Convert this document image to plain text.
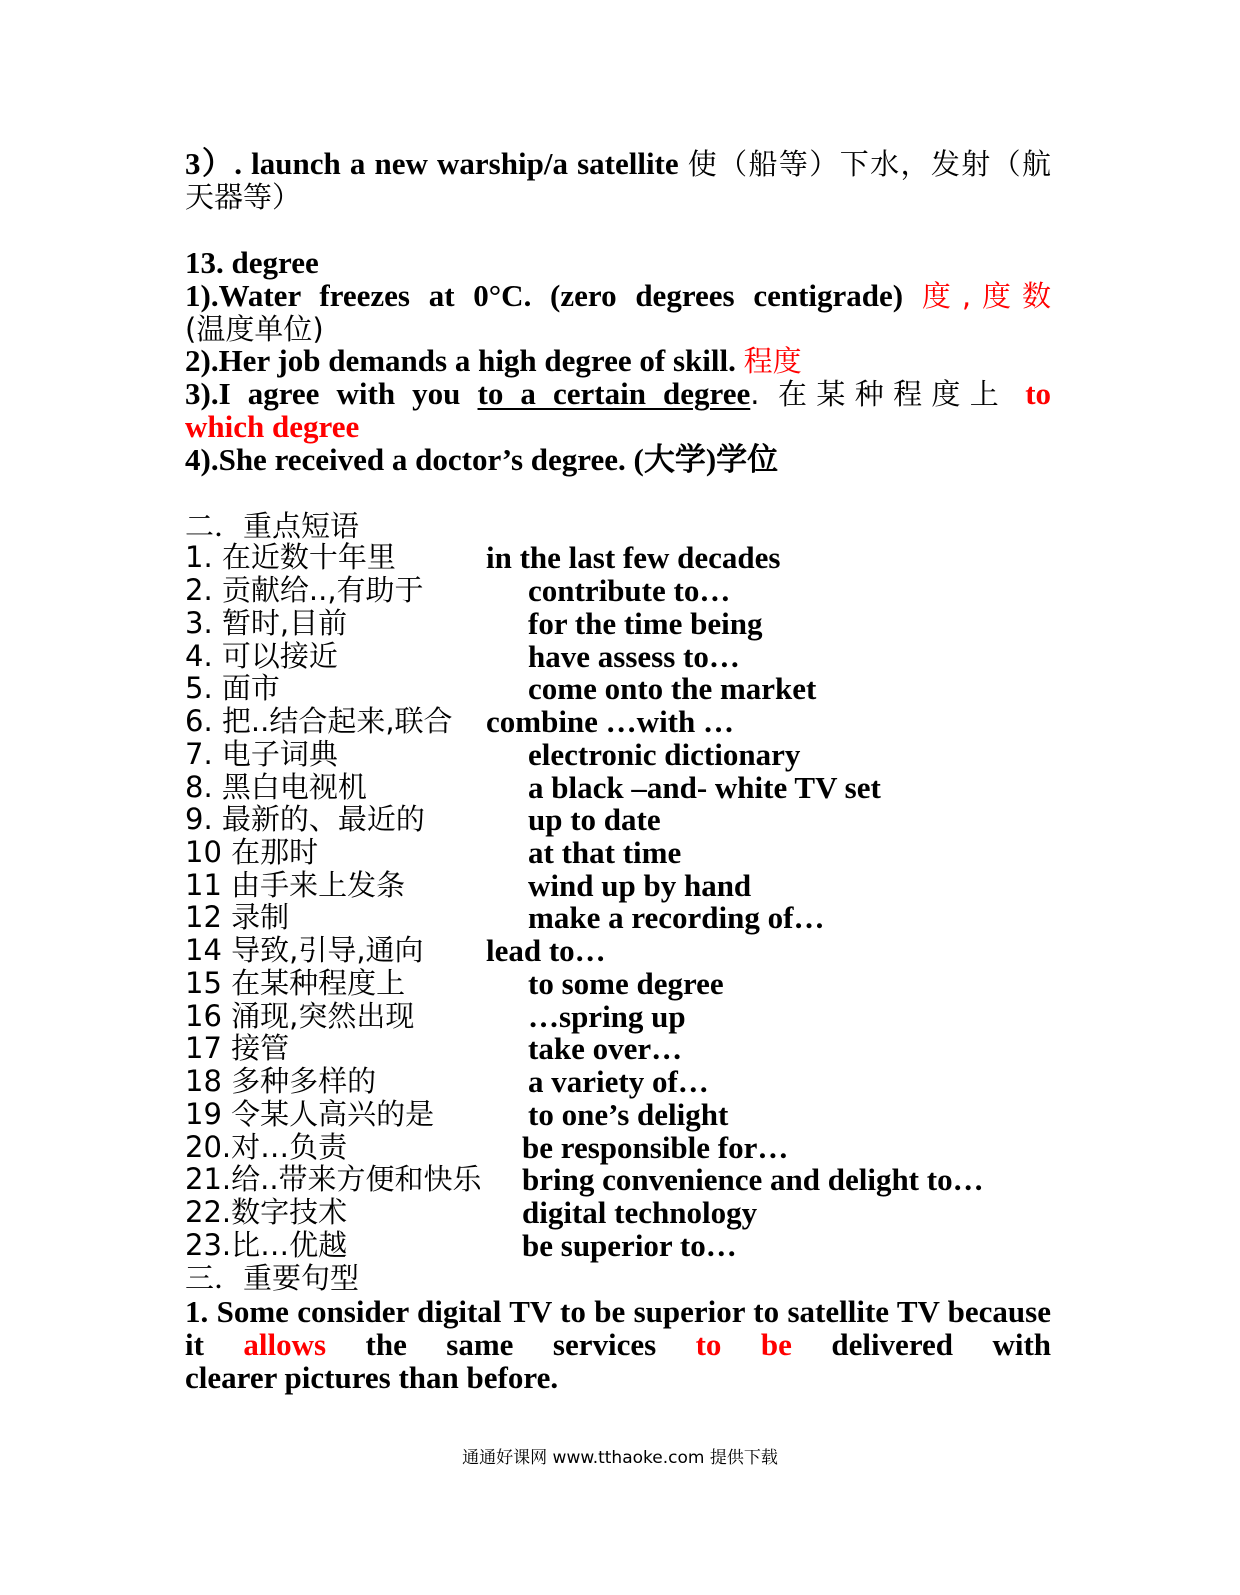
3）. launch a new warship/a satellite 使（船等）下水，发射（航
天器等）
13. degree
1).Water freezes at 0°C. (zero degrees centigrade) 度,度数
(温度单位)
2).Her job demands a high degree of skill. 程度
3).I agree with you to a certain degree. 在某种程度上 to
which degree
4).She received a doctor’s degree. (大学)学位
二．重点短语
1. 在近数十年里	in the last few decades
2. 贡献给..,有助于	contribute to…
3. 暂时,目前	for the time being
4. 可以接近	have assess to…
5. 面市	come onto the market
6. 把..结合起来,联合 combine …with …
7. 电子词典	electronic dictionary
8. 黑白电视机	a black –and- white TV set
9. 最新的、最近的	up to date
10 在那时	at that time
11 由手来上发条	wind up by hand
12 录制	make a recording of…
14 导致,引导,通向 lead to…
15 在某种程度上	to some degree
16 涌现,突然出现	…spring up
17 接管	take over…
18 多种多样的	a variety of…
19 令某人高兴的是	to one’s delight
20.对…负责	be responsible for…
21.给..带来方便和快乐 bring convenience and delight to…
22.数字技术	digital technology
23.比…优越	be superior to…
三．重要句型
1. Some consider digital TV to be superior to satellite TV because it allows the same services to be delivered with
clearer pictures than before.
通通好课网 www.tthaoke.com 提供下载
